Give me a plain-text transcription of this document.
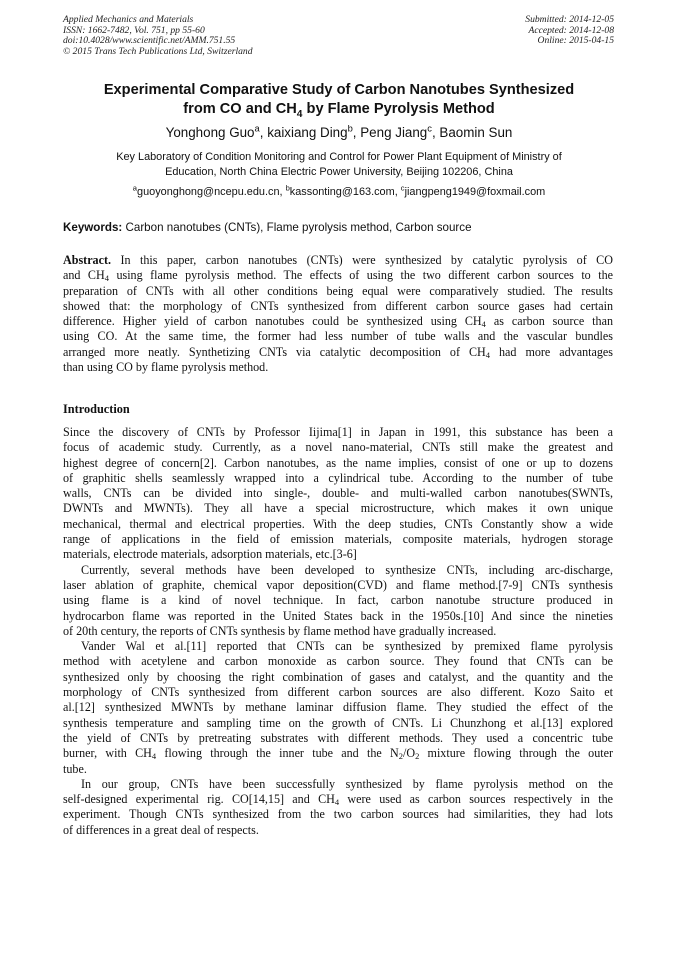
Applied Mechanics and Materials
ISSN: 1662-7482, Vol. 751, pp 55-60
doi:10.4028/www.scientific.net/AMM.751.55
© 2015 Trans Tech Publications Ltd, Switzerland
Submitted: 2014-12-05
Accepted: 2014-12-08
Online: 2015-04-15
Experimental Comparative Study of Carbon Nanotubes Synthesized
from CO and $CH_4$ by Flame Pyrolysis Method
Yonghong Guo$^a$, kaixiang Ding$^b$, Peng Jiang$^c$, Baomin Sun
Key Laboratory of Condition Monitoring and Control for Power Plant Equipment of Ministry of
Education, North China Electric Power University, Beijing 102206, China
$^a$guoyonghong@ncepu.edu.cn, $^b$kassonting@163.com, $^c$jiangpeng1949@foxmail.com
Keywords: Carbon nanotubes (CNTs), Flame pyrolysis method, Carbon source
Abstract. In this paper, carbon nanotubes (CNTs) were synthesized by catalytic pyrolysis of CO
and $CH_4$ using flame pyrolysis method. The effects of using the two different carbon sources to the
preparation of CNTs with all other conditions being equal were comparatively studied. The results
showed that: the morphology of CNTs synthesized from different carbon source gases had certain
difference. Higher yield of carbon nanotubes could be synthesized using $CH_4$ as carbon source than
using CO. At the same time, the former had less number of tube walls and the vascular bundles
arranged more neatly. Synthetizing CNTs via catalytic decomposition of $CH_4$ had more advantages
than using CO by flame pyrolysis method.
Introduction
Since the discovery of CNTs by Professor Iijima[1] in Japan in 1991, this substance has been a
focus of academic study. Currently, as a novel nano-material, CNTs still make the greatest and
highest degree of concern[2]. Carbon nanotubes, as the name implies, consist of one or up to dozens
of graphitic shells seamlessly wrapped into a cylindrical tube. According to the number of tube
walls, CNTs can be divided into single-, double- and multi-walled carbon nanotubes(SWNTs,
DWNTs and MWNTs). They all have a special microstructure, which makes it own unique
mechanical, thermal and electrical properties. With the deep studies, CNTs Constantly show a wide
range of applications in the field of emission materials, composite materials, hydrogen storage
materials, electrode materials, adsorption materials, etc.[3-6]
Currently, several methods have been developed to synthesize CNTs, including arc-discharge,
laser ablation of graphite, chemical vapor deposition(CVD) and flame method.[7-9] CNTs synthesis
using flame is a kind of novel technique. In fact, carbon nanotube structure produced in
hydrocarbon flame was reported in the United States back in the 1950s.[10] And since the nineties
of 20th century, the reports of CNTs synthesis by flame method have gradually increased.
Vander Wal et al.[11] reported that CNTs can be synthesized by premixed flame pyrolysis
method with acetylene and carbon monoxide as carbon source. They found that CNTs can be
synthesized only by choosing the right combination of gases and catalyst, and the quantity and the
morphology of CNTs synthesized from different carbon sources are also different. Kozo Saito et
al.[12] synthesized MWNTs by methane laminar diffusion flame. They studied the effect of the
synthesis temperature and sampling time on the growth of CNTs. Li Chunzhong et al.[13] explored
the yield of CNTs by pretreating substrates with different methods. They used a concentric tube
burner, with $CH_4$ flowing through the inner tube and the $N_2/O_2$ mixture flowing through the outer
tube.
In our group, CNTs have been successfully synthesized by flame pyrolysis method on the
self-designed experimental rig. CO[14,15] and $CH_4$ were used as carbon sources respectively in the
experiment. Though CNTs synthesized from the two carbon sources had similarities, they had lots
of differences in a great deal of respects.
